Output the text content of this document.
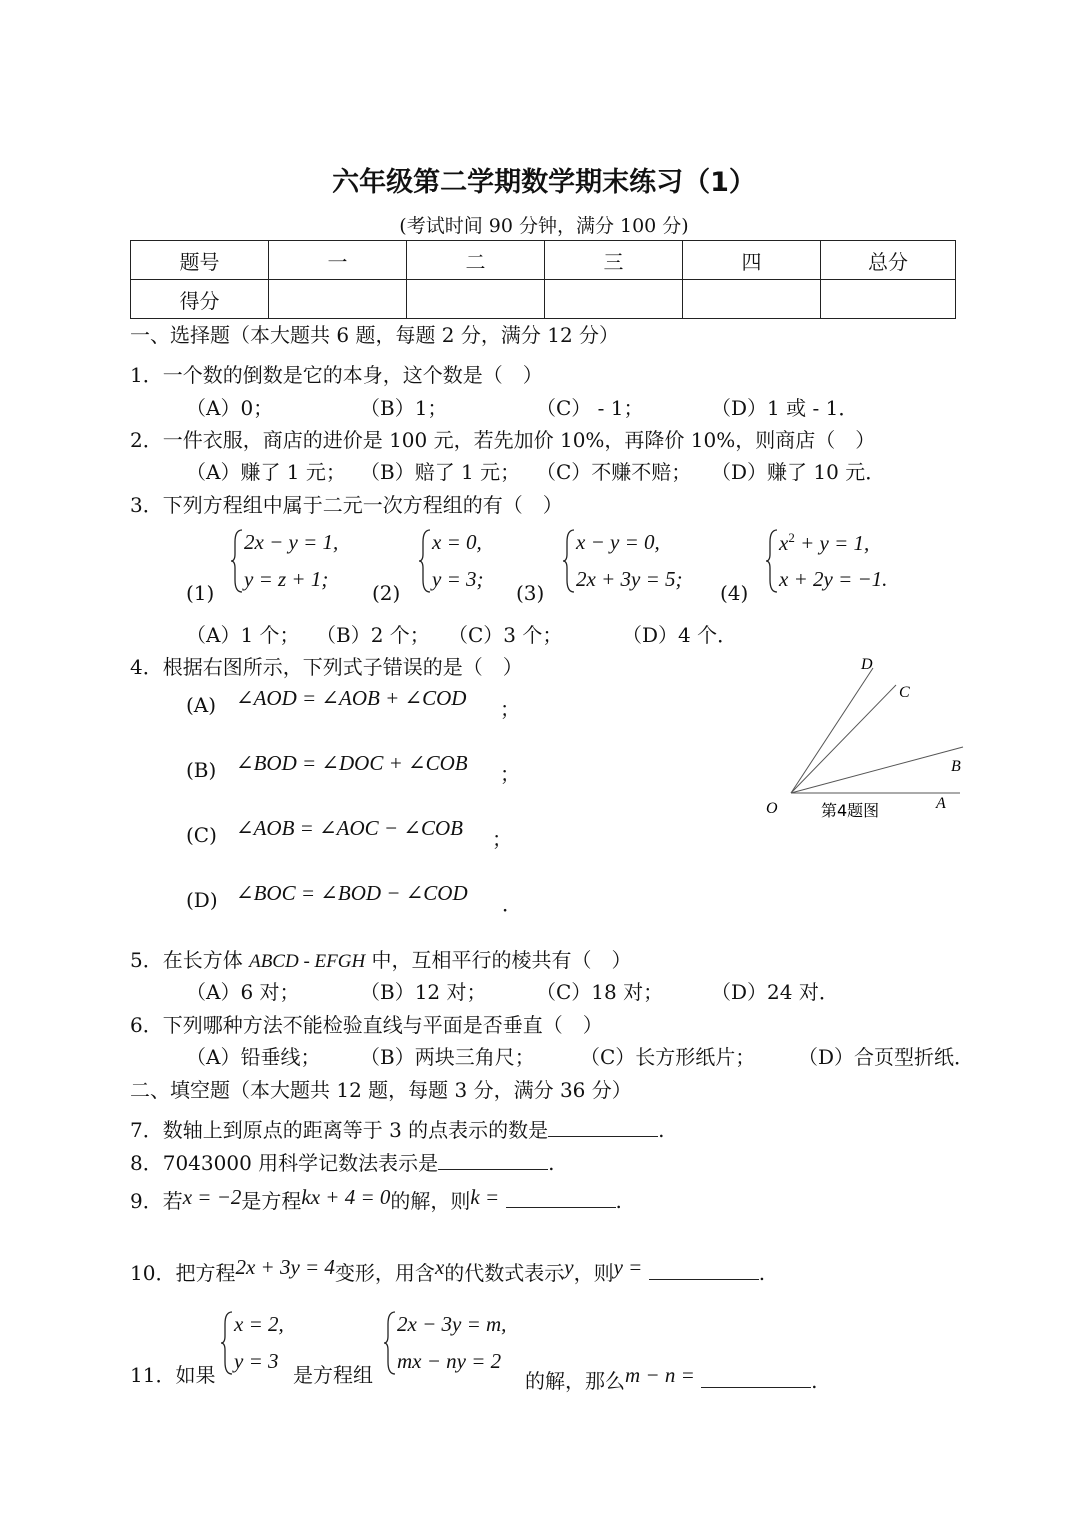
六年级第二学期数学期末练习（1）
(考试时间 90 分钟，满分 100 分)
题号	一	二	三	四	总分
得分					
一、选择题（本大题共 6 题，每题 2 分，满分 12 分）
1．一个数的倒数是它的本身，这个数是（　）
（A）0；	（B）1；	（C） - 1；	（D）1 或 - 1．
2．一件衣服，商店的进价是 100 元，若先加价 10%，再降价 10%，则商店（　）
（A）赚了 1 元； （B）赔了 1 元； （C）不赚不赔； （D）赚了 10 元．
3．下列方程组中属于二元一次方程组的有（　）
(1)
2x − y = 1,
y = z + 1;
(2)
x = 0,
y = 3;
(3)
x − y = 0,
2x + 3y = 5;
(4)
$x^2 + y = 1$,
x + 2y = −1.
（A）1 个； （B）2 个； （C）3 个；	（D）4 个．
4．根据右图所示，下列式子错误的是（　）
(A) ∠AOD = ∠AOB + ∠COD ；
(B) ∠BOD = ∠DOC + ∠COB ；
(C) ∠AOB = ∠AOC − ∠COB ；
(D) ∠BOC = ∠BOD − ∠COD ．
O	A
B
C
D
第4题图
5．在长方体 ABCD - EFGH 中，互相平行的棱共有（　）
（A）6 对；	（B）12 对； （C）18 对； （D）24 对．
6．下列哪种方法不能检验直线与平面是否垂直（　）
（A）铅垂线； （B）两块三角尺； （C）长方形纸片； （D）合页型折纸．
二、填空题（本大题共 12 题，每题 3 分，满分 36 分）
7．数轴上到原点的距离等于 3 的点表示的数是	.
8．7043000 用科学记数法表示是	.
9．若x = −2是方程kx + 4 = 0的解，则k =	.
10．把方程2x + 3y = 4变形，用含x的代数式表示y，则y =	.
11．如果
x = 2,
y = 3
是方程组
2x − 3y = m,
mx − ny = 2
的解，那么m − n =	.
